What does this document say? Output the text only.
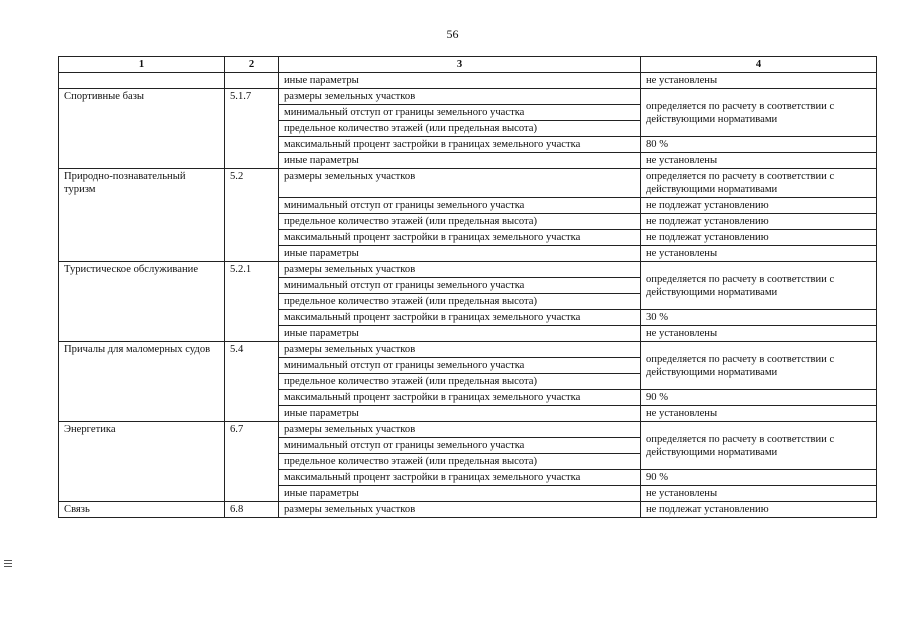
56
1	2	3	4
		иные параметры	не установлены
Спортивные базы	5.1.7	размеры земельных участков	определяется по расчету в соответствии с действующими нормативами
		минимальный отступ от границы земельного участка	
		предельное количество этажей (или предельная высота)	
		максимальный процент застройки в границах земельного участка	80 %
		иные параметры	не установлены
Природно-познавательный туризм	5.2	размеры земельных участков	определяется по расчету в соответствии с действующими нормативами
		минимальный отступ от границы земельного участка	не подлежат установлению
		предельное количество этажей (или предельная высота)	не подлежат установлению
		максимальный процент застройки в границах земельного участка	не подлежат установлению
		иные параметры	не установлены
Туристическое обслуживание	5.2.1	размеры земельных участков	определяется по расчету в соответствии с действующими нормативами
		минимальный отступ от границы земельного участка	
		предельное количество этажей (или предельная высота)	
		максимальный процент застройки в границах земельного участка	30 %
		иные параметры	не установлены
Причалы для маломерных судов	5.4	размеры земельных участков	определяется по расчету в соответствии с действующими нормативами
		минимальный отступ от границы земельного участка	
		предельное количество этажей (или предельная высота)	
		максимальный процент застройки в границах земельного участка	90 %
		иные параметры	не установлены
Энергетика	6.7	размеры земельных участков	определяется по расчету в соответствии с действующими нормативами
		минимальный отступ от границы земельного участка	
		предельное количество этажей (или предельная высота)	
		максимальный процент застройки в границах земельного участка	90 %
		иные параметры	не установлены
Связь	6.8	размеры земельных участков	не подлежат установлению
